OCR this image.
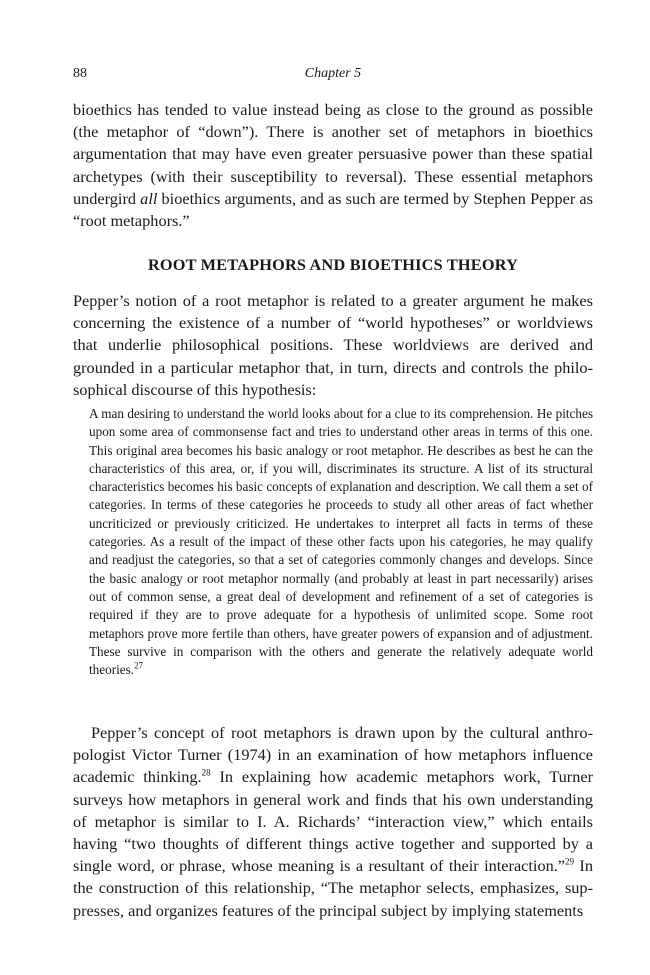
88	Chapter 5

bioethics has tended to value instead being as close to the ground as possible (the metaphor of “down”). There is another set of metaphors in bioethics argumentation that may have even greater persuasive power than these spatial archetypes (with their susceptibility to reversal). These essential metaphors undergird all bioethics arguments, and as such are termed by Stephen Pepper as “root metaphors.”

ROOT METAPHORS AND BIOETHICS THEORY

Pepper’s notion of a root metaphor is related to a greater argument he makes concerning the existence of a number of “world hypotheses” or worldviews that underlie philosophical positions. These worldviews are derived and grounded in a particular metaphor that, in turn, directs and controls the philosophical discourse of this hypothesis:

A man desiring to understand the world looks about for a clue to its comprehension. He pitches upon some area of commonsense fact and tries to understand other areas in terms of this one. This original area becomes his basic analogy or root metaphor. He describes as best he can the characteristics of this area, or, if you will, discriminates its structure. A list of its structural characteristics becomes his basic concepts of explanation and description. We call them a set of categories. In terms of these categories he proceeds to study all other areas of fact whether uncriticized or previously criticized. He undertakes to interpret all facts in terms of these categories. As a result of the impact of these other facts upon his categories, he may qualify and readjust the categories, so that a set of categories commonly changes and develops. Since the basic analogy or root metaphor normally (and probably at least in part necessarily) arises out of common sense, a great deal of development and refinement of a set of categories is required if they are to prove adequate for a hypothesis of unlimited scope. Some root metaphors prove more fertile than others, have greater powers of expansion and of adjustment. These survive in comparison with the others and generate the relatively adequate world theories.$^{27}$

Pepper’s concept of root metaphors is drawn upon by the cultural anthropologist Victor Turner (1974) in an examination of how metaphors influence academic thinking.$^{28}$ In explaining how academic metaphors work, Turner surveys how metaphors in general work and finds that his own understanding of metaphor is similar to I. A. Richards’ “interaction view,” which entails having “two thoughts of different things active together and supported by a single word, or phrase, whose meaning is a resultant of their interaction.”$^{29}$ In the construction of this relationship, “The metaphor selects, emphasizes, suppresses, and organizes features of the principal subject by implying statements
